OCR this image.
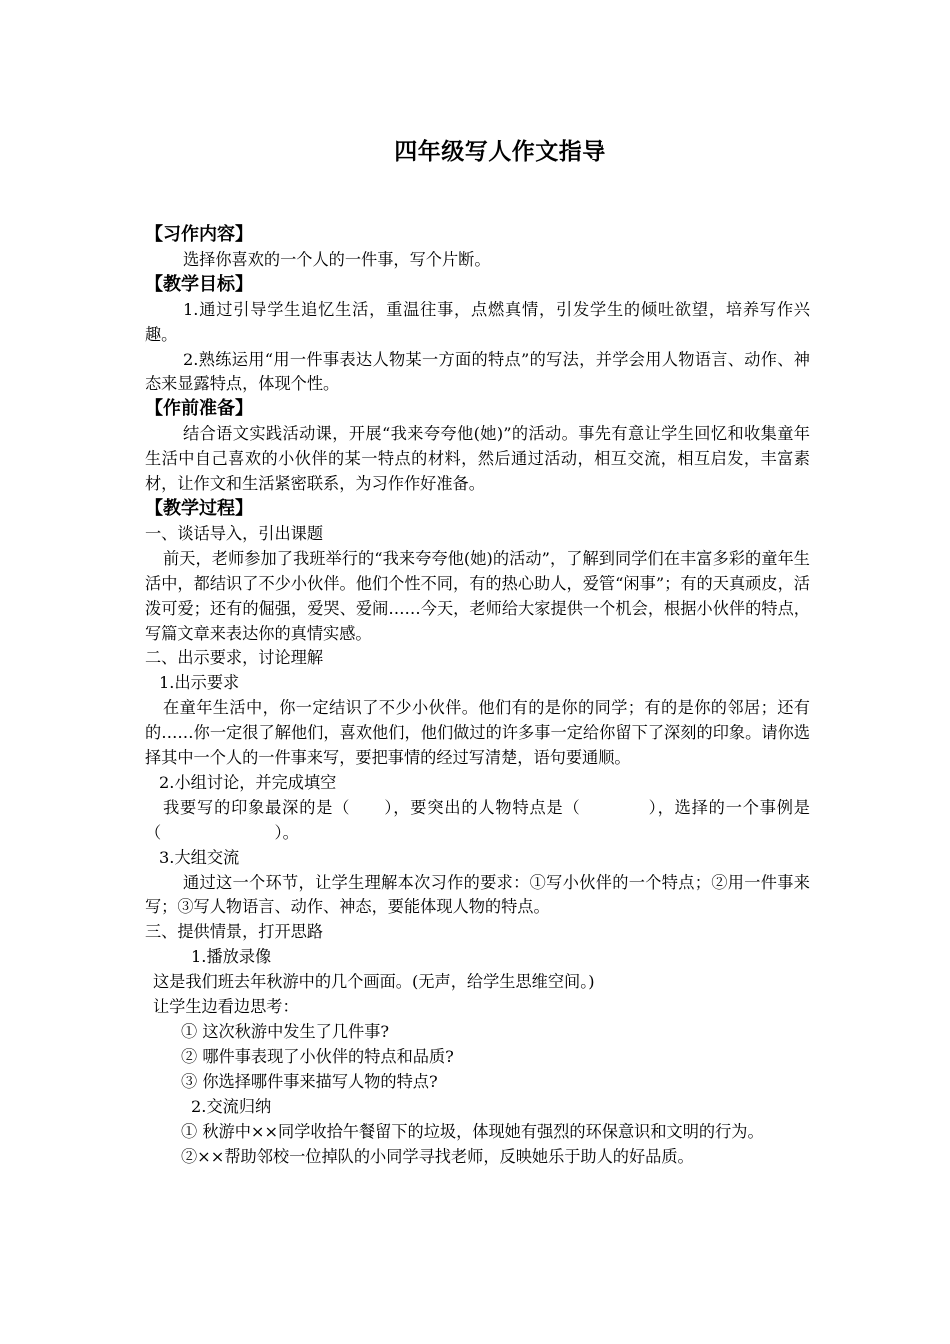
四年级写人作文指导

【习作内容】

选择你喜欢的一个人的一件事，写个片断。

【教学目标】

1.通过引导学生追忆生活，重温往事，点燃真情，引发学生的倾吐欲望，培养写作兴趣。

2.熟练运用“用一件事表达人物某一方面的特点”的写法，并学会用人物语言、动作、神态来显露特点，体现个性。

【作前准备】

结合语文实践活动课，开展“我来夸夸他(她)”的活动。事先有意让学生回忆和收集童年生活中自己喜欢的小伙伴的某一特点的材料，然后通过活动，相互交流，相互启发，丰富素材，让作文和生活紧密联系，为习作作好准备。

【教学过程】

一、谈话导入，引出课题

前天，老师参加了我班举行的“我来夸夸他(她)的活动”，了解到同学们在丰富多彩的童年生活中，都结识了不少小伙伴。他们个性不同，有的热心助人，爱管“闲事”；有的天真顽皮，活泼可爱；还有的倔强，爱哭、爱闹……今天，老师给大家提供一个机会，根据小伙伴的特点，写篇文章来表达你的真情实感。

二、出示要求，讨论理解

1.出示要求

在童年生活中，你一定结识了不少小伙伴。他们有的是你的同学；有的是你的邻居；还有的……你一定很了解他们，喜欢他们，他们做过的许多事一定给你留下了深刻的印象。请你选择其中一个人的一件事来写，要把事情的经过写清楚，语句要通顺。

2.小组讨论，并完成填空

我要写的印象最深的是（　　），要突出的人物特点是（　　　　），选择的一个事例是（　　　　　　　）。

3.大组交流

通过这一个环节，让学生理解本次习作的要求：①写小伙伴的一个特点；②用一件事来写；③写人物语言、动作、神态，要能体现人物的特点。

三、提供情景，打开思路

1.播放录像

这是我们班去年秋游中的几个画面。(无声，给学生思维空间。)

让学生边看边思考：

① 这次秋游中发生了几件事?

② 哪件事表现了小伙伴的特点和品质?

③ 你选择哪件事来描写人物的特点?

2.交流归纳

① 秋游中××同学收拾午餐留下的垃圾，体现她有强烈的环保意识和文明的行为。

②××帮助邻校一位掉队的小同学寻找老师，反映她乐于助人的好品质。
